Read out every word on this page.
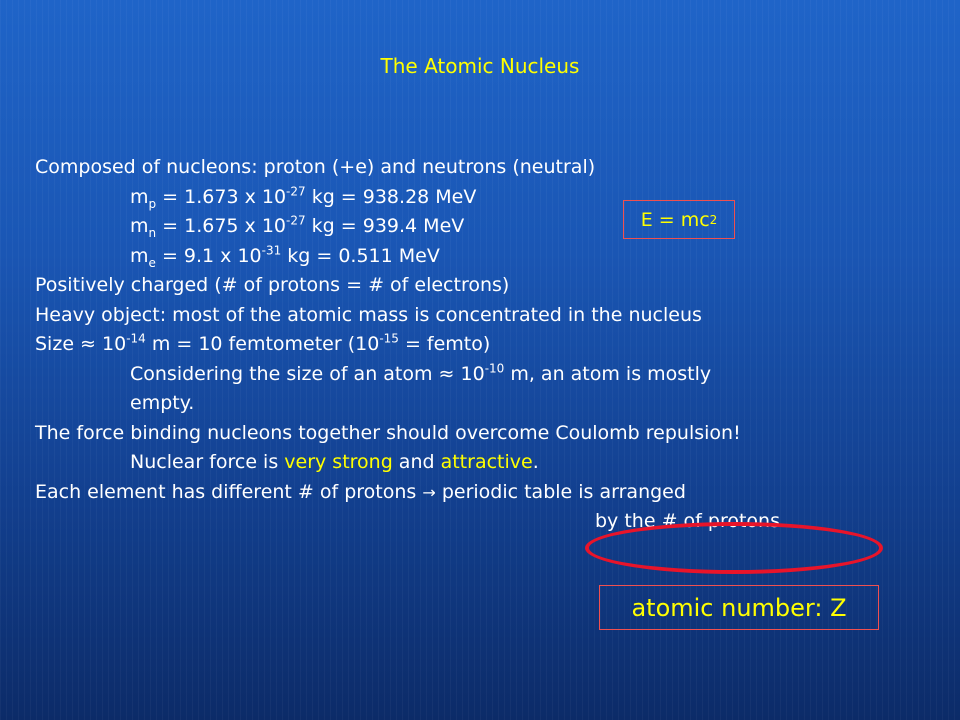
The Atomic Nucleus
Composed of nucleons: proton (+e) and neutrons (neutral)
$m_p = 1.673$ x $10^{-27}$ kg = 938.28 MeV
$m_n = 1.675$ x $10^{-27}$ kg = 939.4 MeV
$m_e = 9.1$ x $10^{-31}$ kg = 0.511 MeV
Positively charged (# of protons = # of electrons)
Heavy object: most of the atomic mass is concentrated in the nucleus
Size ≈ $10^{-14}$ m = 10 femtometer ($10^{-15}$ = femto)
Considering the size of an atom ≈ $10^{-10}$ m, an atom is mostly
empty.
The force binding nucleons together should overcome Coulomb repulsion!
Nuclear force is very strong and attractive.
Each element has different # of protons → periodic table is arranged
by the # of protons.
E = mc 2
atomic number: Z
